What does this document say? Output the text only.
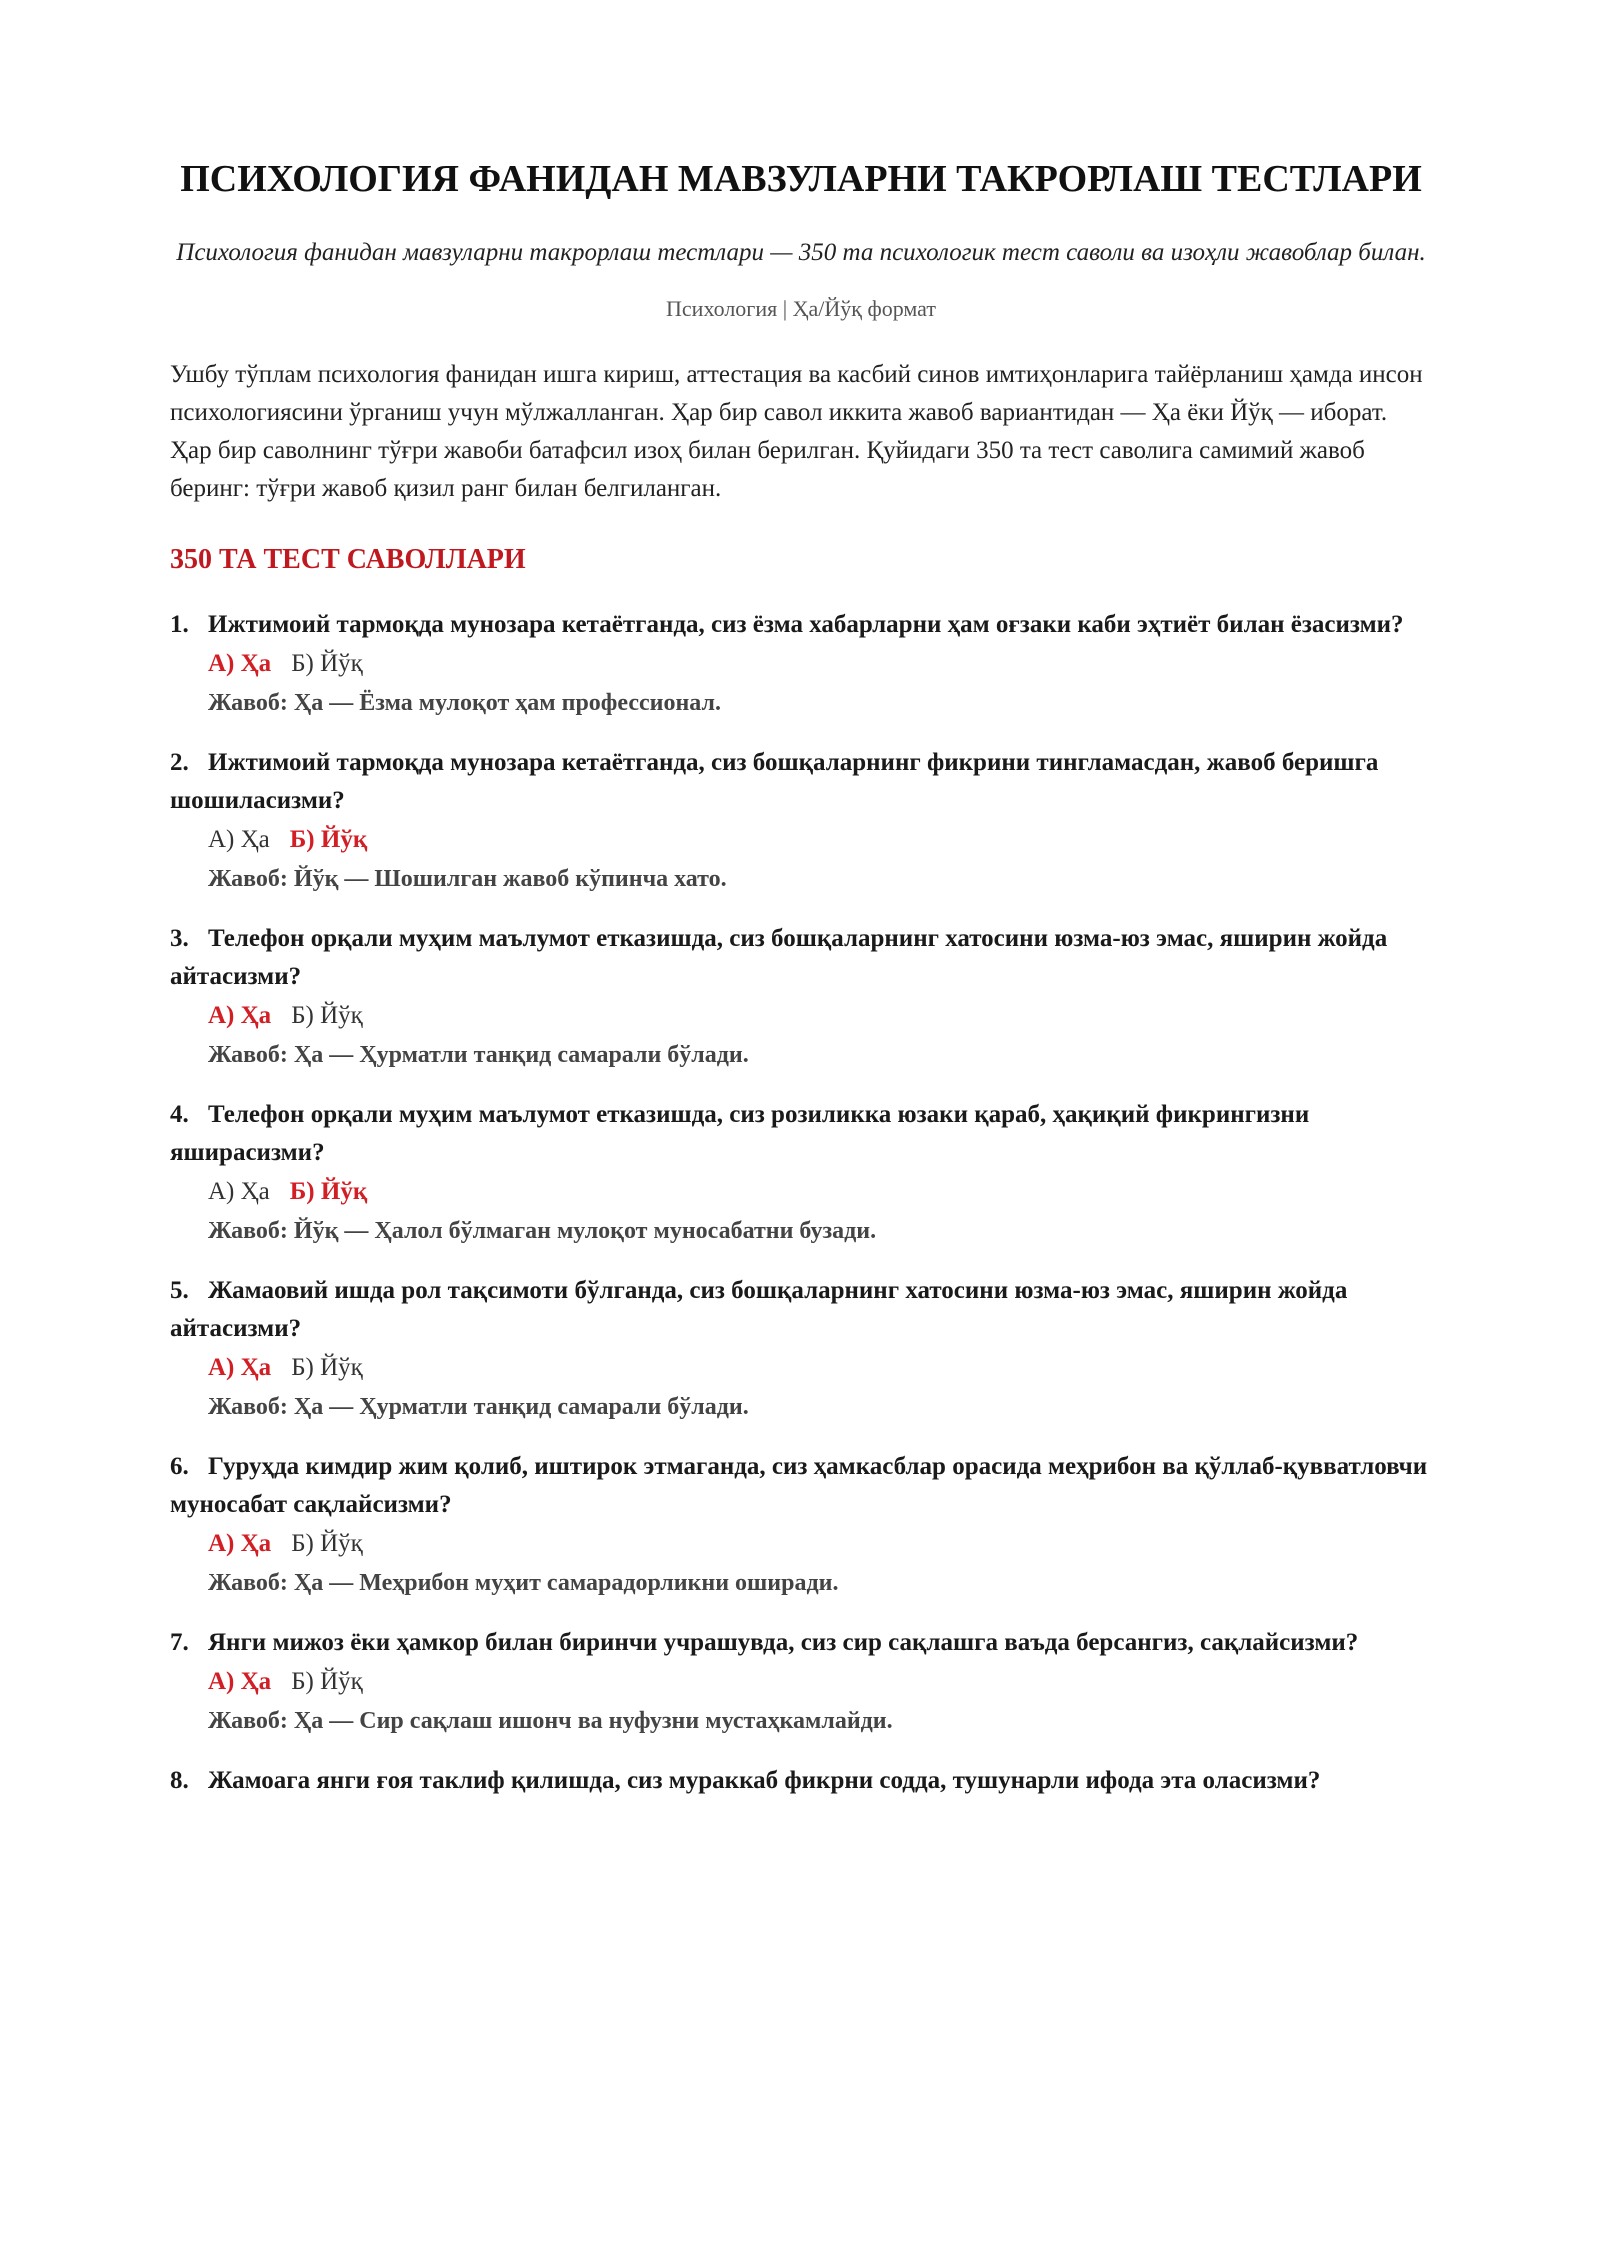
ПСИХОЛОГИЯ ФАНИДАН МАВЗУЛАРНИ ТАКРОРЛАШ ТЕСТЛАРИ

Психология фанидан мавзуларни такрорлаш тестлари — 350 та психологик тест саволи ва изоҳли жавоблар билан.

Психология | Ҳа/Йўқ формат

Ушбу тўплам психология фанидан ишга кириш, аттестация ва касбий синов имтиҳонларига тайёрланиш ҳамда инсон психологиясини ўрганиш учун мўлжалланган. Ҳар бир савол иккита жавоб вариантидан — Ҳа ёки Йўқ — иборат. Ҳар бир саволнинг тўғри жавоби батафсил изоҳ билан берилган. Қуйидаги 350 та тест саволига самимий жавоб беринг: тўғри жавоб қизил ранг билан белгиланган.

350 ТА ТЕСТ САВОЛЛАРИ
1. Ижтимоий тармоқда мунозара кетаётганда, сиз ёзма хабарларни ҳам оғзаки каби эҳтиёт билан ёзасизми?
А) Ҳа Б) Йўқ
Жавоб: Ҳа — Ёзма мулоқот ҳам профессионал.
2. Ижтимоий тармоқда мунозара кетаётганда, сиз бошқаларнинг фикрини тингламасдан, жавоб беришга шошиласизми?
А) Ҳа Б) Йўқ
Жавоб: Йўқ — Шошилган жавоб кўпинча хато.
3. Телефон орқали муҳим маълумот етказишда, сиз бошқаларнинг хатосини юзма-юз эмас, яширин жойда айтасизми?
А) Ҳа Б) Йўқ
Жавоб: Ҳа — Ҳурматли танқид самарали бўлади.
4. Телефон орқали муҳим маълумот етказишда, сиз розиликка юзаки қараб, ҳақиқий фикрингизни яширасизми?
А) Ҳа Б) Йўқ
Жавоб: Йўқ — Ҳалол бўлмаган мулоқот муносабатни бузади.
5. Жамаовий ишда рол тақсимоти бўлганда, сиз бошқаларнинг хатосини юзма-юз эмас, яширин жойда айтасизми?
А) Ҳа Б) Йўқ
Жавоб: Ҳа — Ҳурматли танқид самарали бўлади.
6. Гуруҳда кимдир жим қолиб, иштирок этмаганда, сиз ҳамкасблар орасида меҳрибон ва қўллаб-қувватловчи муносабат сақлайсизми?
А) Ҳа Б) Йўқ
Жавоб: Ҳа — Меҳрибон муҳит самарадорликни оширади.
7. Янги мижоз ёки ҳамкор билан биринчи учрашувда, сиз сир сақлашга ваъда берсангиз, сақлайсизми?
А) Ҳа Б) Йўқ
Жавоб: Ҳа — Сир сақлаш ишонч ва нуфузни мустаҳкамлайди.
8. Жамоага янги ғоя таклиф қилишда, сиз мураккаб фикрни содда, тушунарли ифода эта оласизми?
